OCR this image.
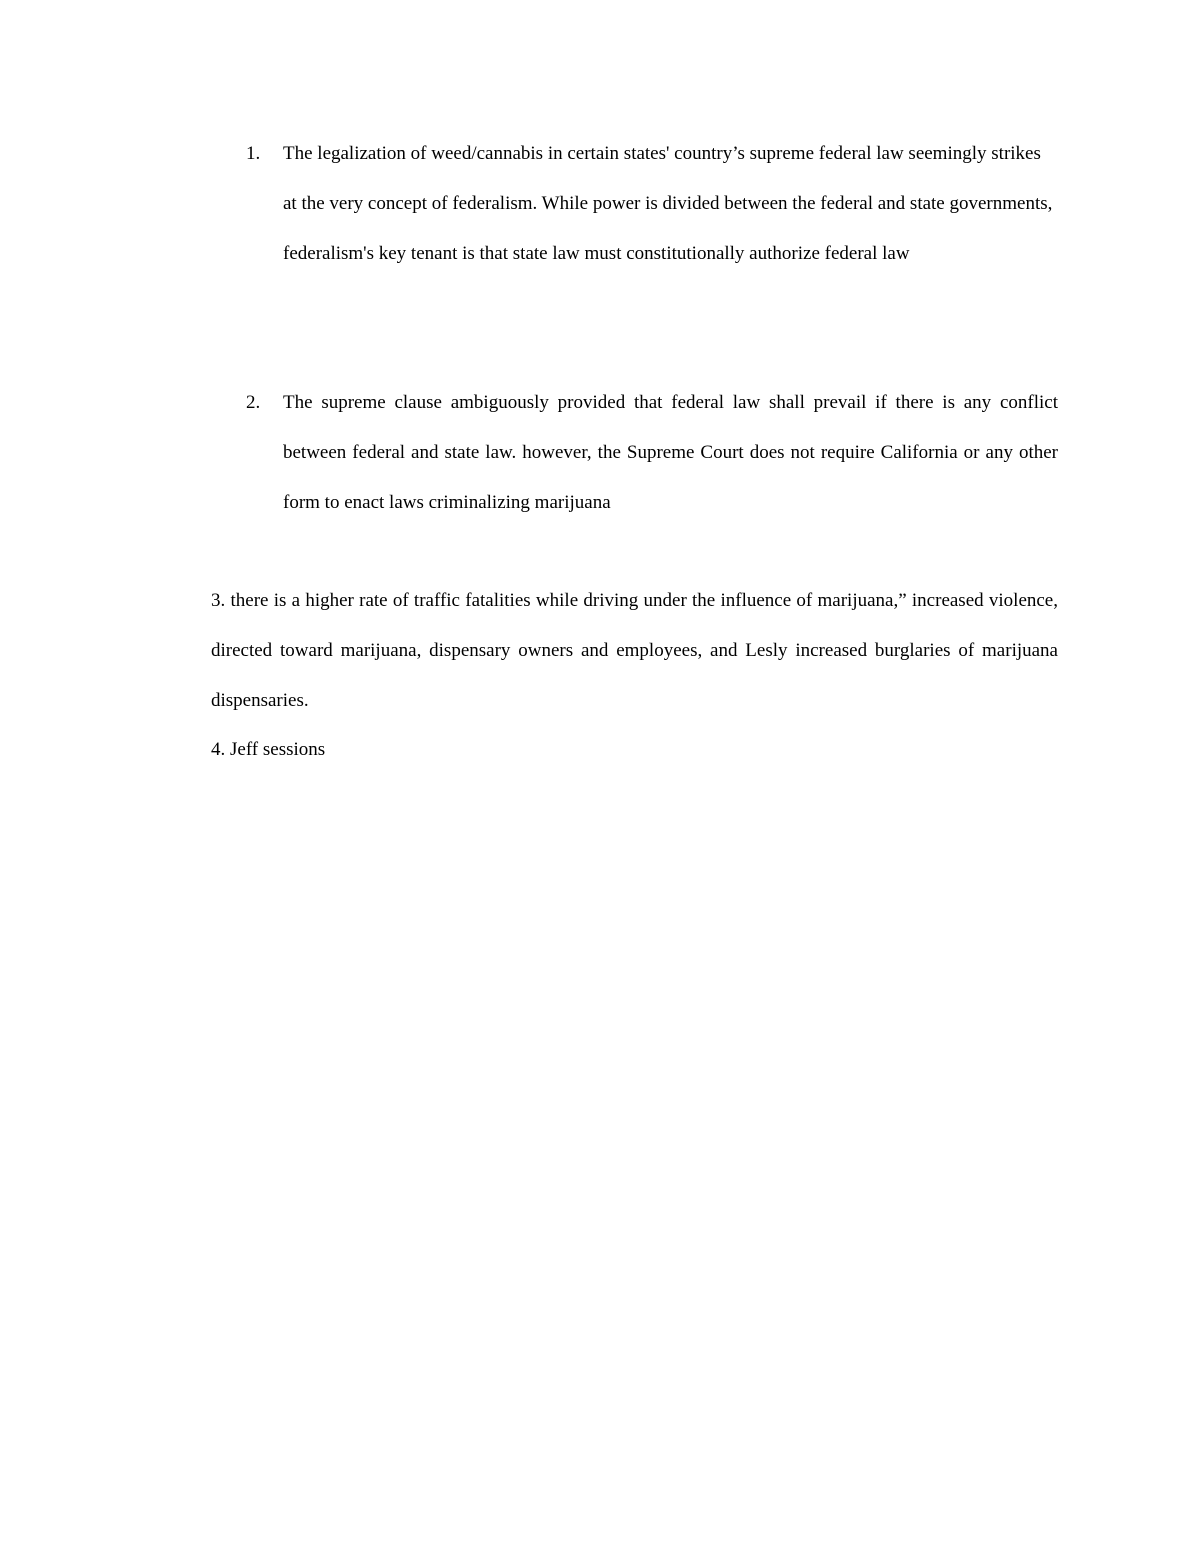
1.	The legalization of weed/cannabis in certain states' country’s supreme federal law seemingly strikes at the very concept of federalism. While power is divided between the federal and state governments, federalism's key tenant is that state law must constitutionally authorize federal law
2.	The supreme clause ambiguously provided that federal law shall prevail if there is any conflict between federal and state law. however, the Supreme Court does not require California or any other form to enact laws criminalizing marijuana
3. there is a higher rate of traffic fatalities while driving under the influence of marijuana,” increased violence, directed toward marijuana, dispensary owners and employees, and Lesly increased burglaries of marijuana dispensaries.
4. Jeff sessions
